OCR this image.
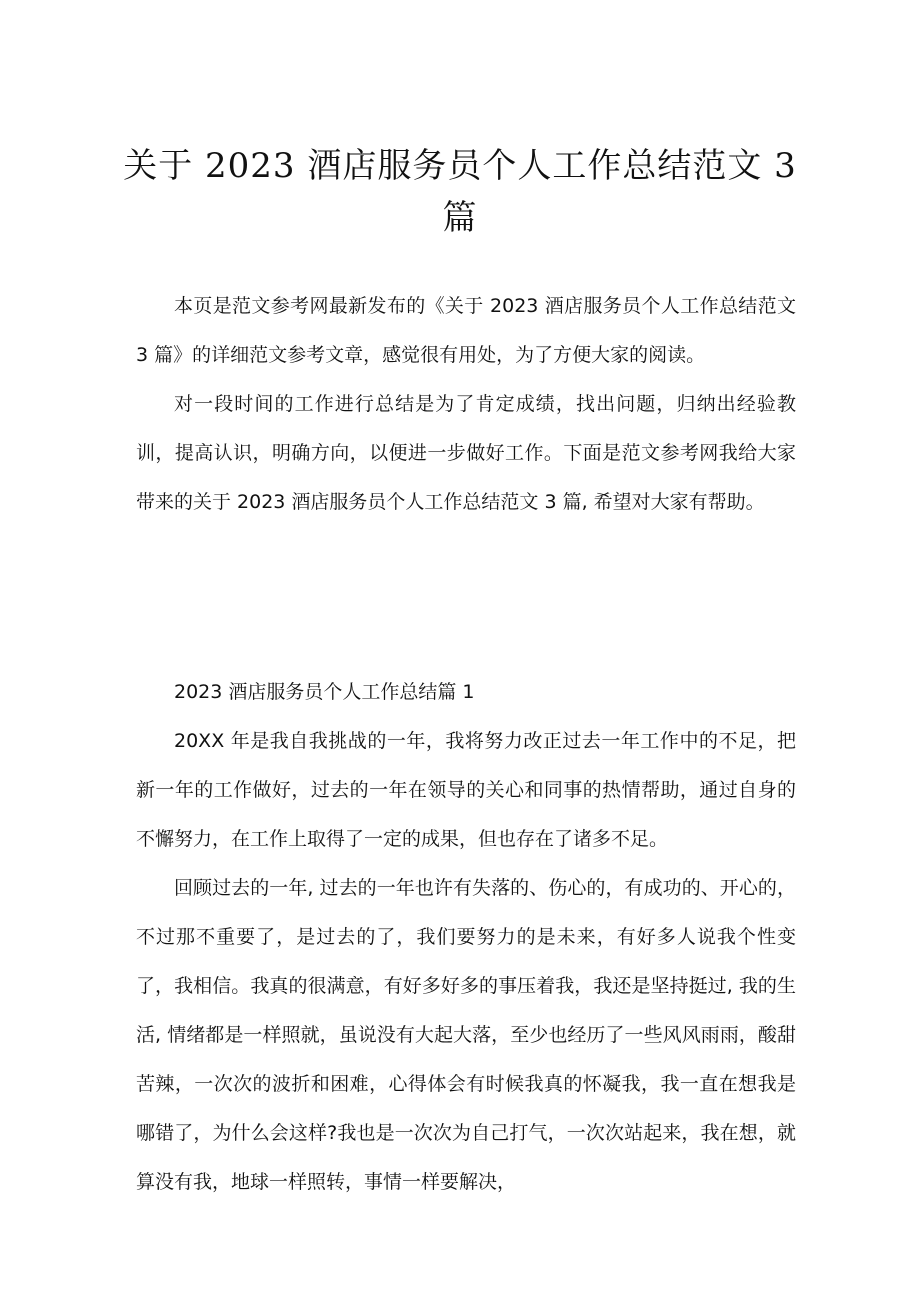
关于 2023 酒店服务员个人工作总结范文 3
篇

本页是范文参考网最新发布的《关于 2023 酒店服务员个人工作总结范文 3 篇》的详细范文参考文章，感觉很有用处，为了方便大家的阅读。

对一段时间的工作进行总结是为了肯定成绩，找出问题，归纳出经验教训，提高认识，明确方向，以便进一步做好工作。下面是范文参考网我给大家带来的关于 2023 酒店服务员个人工作总结范文 3 篇, 希望对大家有帮助。

2023 酒店服务员个人工作总结篇 1

20XX 年是我自我挑战的一年，我将努力改正过去一年工作中的不足，把新一年的工作做好，过去的一年在领导的关心和同事的热情帮助，通过自身的不懈努力，在工作上取得了一定的成果，但也存在了诸多不足。

回顾过去的一年, 过去的一年也许有失落的、伤心的，有成功的、开心的，不过那不重要了，是过去的了，我们要努力的是未来，有好多人说我个性变了，我相信。我真的很满意，有好多好多的事压着我，我还是坚持挺过, 我的生活, 情绪都是一样照就，虽说没有大起大落，至少也经历了一些风风雨雨，酸甜苦辣，一次次的波折和困难，心得体会有时候我真的怀凝我，我一直在想我是哪错了，为什么会这样?我也是一次次为自己打气，一次次站起来，我在想，就算没有我，地球一样照转，事情一样要解决，
